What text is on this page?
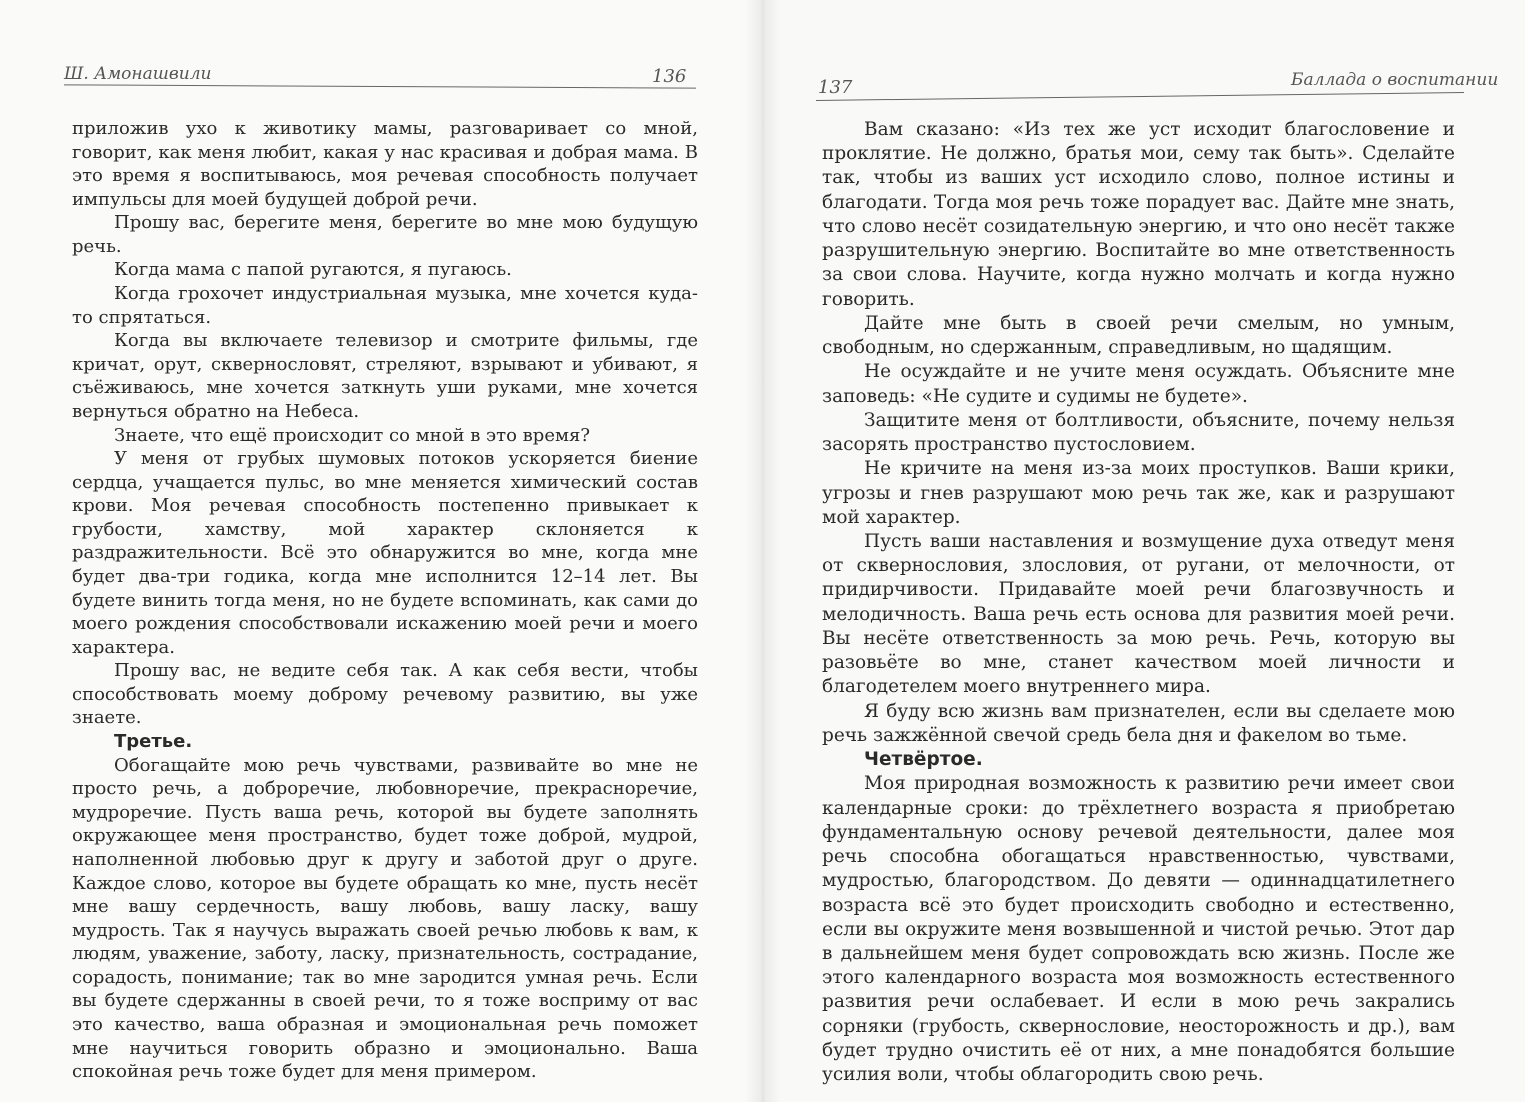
Ш. Амонашвили	136

приложив ухо к животику мамы, разговаривает со мной, говорит, как меня любит, какая у нас красивая и добрая мама. В это время я воспитываюсь, моя речевая способность получает импульсы для моей будущей доброй речи.

Прошу вас, берегите меня, берегите во мне мою будущую речь.

Когда мама с папой ругаются, я пугаюсь.

Когда грохочет индустриальная музыка, мне хочется куда-то спрятаться.

Когда вы включаете телевизор и смотрите фильмы, где кричат, орут, сквернословят, стреляют, взрывают и убивают, я съёживаюсь, мне хочется заткнуть уши руками, мне хочется вернуться обратно на Небеса.

Знаете, что ещё происходит со мной в это время?

У меня от грубых шумовых потоков ускоряется биение сердца, учащается пульс, во мне меняется химический состав крови. Моя речевая способность постепенно привыкает к грубости, хамству, мой характер склоняется к раздражительности. Всё это обнаружится во мне, когда мне будет два-три годика, когда мне исполнится 12–14 лет. Вы будете винить тогда меня, но не будете вспоминать, как сами до моего рождения способствовали искажению моей речи и моего характера.

Прошу вас, не ведите себя так. А как себя вести, чтобы способствовать моему доброму речевому развитию, вы уже знаете.

Третье.

Обогащайте мою речь чувствами, развивайте во мне не просто речь, а доброречие, любовноречие, прекрасноречие, мудроречие. Пусть ваша речь, которой вы будете заполнять окружающее меня пространство, будет тоже доброй, мудрой, наполненной любовью друг к другу и заботой друг о друге. Каждое слово, которое вы будете обращать ко мне, пусть несёт мне вашу сердечность, вашу любовь, вашу ласку, вашу мудрость. Так я научусь выражать своей речью любовь к вам, к людям, уважение, заботу, ласку, признательность, сострадание, сорадость, понимание; так во мне зародится умная речь. Если вы будете сдержанны в своей речи, то я тоже восприму от вас это качество, ваша образная и эмоциональная речь поможет мне научиться говорить образно и эмоционально. Ваша спокойная речь тоже будет для меня примером.

137	Баллада о воспитании

Вам сказано: «Из тех же уст исходит благословение и проклятие. Не должно, братья мои, сему так быть». Сделайте так, чтобы из ваших уст исходило слово, полное истины и благодати. Тогда моя речь тоже порадует вас. Дайте мне знать, что слово несёт созидательную энергию, и что оно несёт также разрушительную энергию. Воспитайте во мне ответственность за свои слова. Научите, когда нужно молчать и когда нужно говорить.

Дайте мне быть в своей речи смелым, но умным, свободным, но сдержанным, справедливым, но щадящим.

Не осуждайте и не учите меня осуждать. Объясните мне заповедь: «Не судите и судимы не будете».

Защитите меня от болтливости, объясните, почему нельзя засорять пространство пустословием.

Не кричите на меня из-за моих проступков. Ваши крики, угрозы и гнев разрушают мою речь так же, как и разрушают мой характер.

Пусть ваши наставления и возмущение духа отведут меня от сквернословия, злословия, от ругани, от мелочности, от придирчивости. Придавайте моей речи благозвучность и мелодичность. Ваша речь есть основа для развития моей речи. Вы несёте ответственность за мою речь. Речь, которую вы разовьёте во мне, станет качеством моей личности и благодетелем моего внутреннего мира.

Я буду всю жизнь вам признателен, если вы сделаете мою речь зажжённой свечой средь бела дня и факелом во тьме.

Четвёртое.

Моя природная возможность к развитию речи имеет свои календарные сроки: до трёхлетнего возраста я приобретаю фундаментальную основу речевой деятельности, далее моя речь способна обогащаться нравственностью, чувствами, мудростью, благородством. До девяти — одиннадцатилетнего возраста всё это будет происходить свободно и естественно, если вы окружите меня возвышенной и чистой речью. Этот дар в дальнейшем меня будет сопровождать всю жизнь. После же этого календарного возраста моя возможность естественного развития речи ослабевает. И если в мою речь закрались сорняки (грубость, сквернословие, неосторожность и др.), вам будет трудно очистить её от них, а мне понадобятся большие усилия воли, чтобы облагородить свою речь.
